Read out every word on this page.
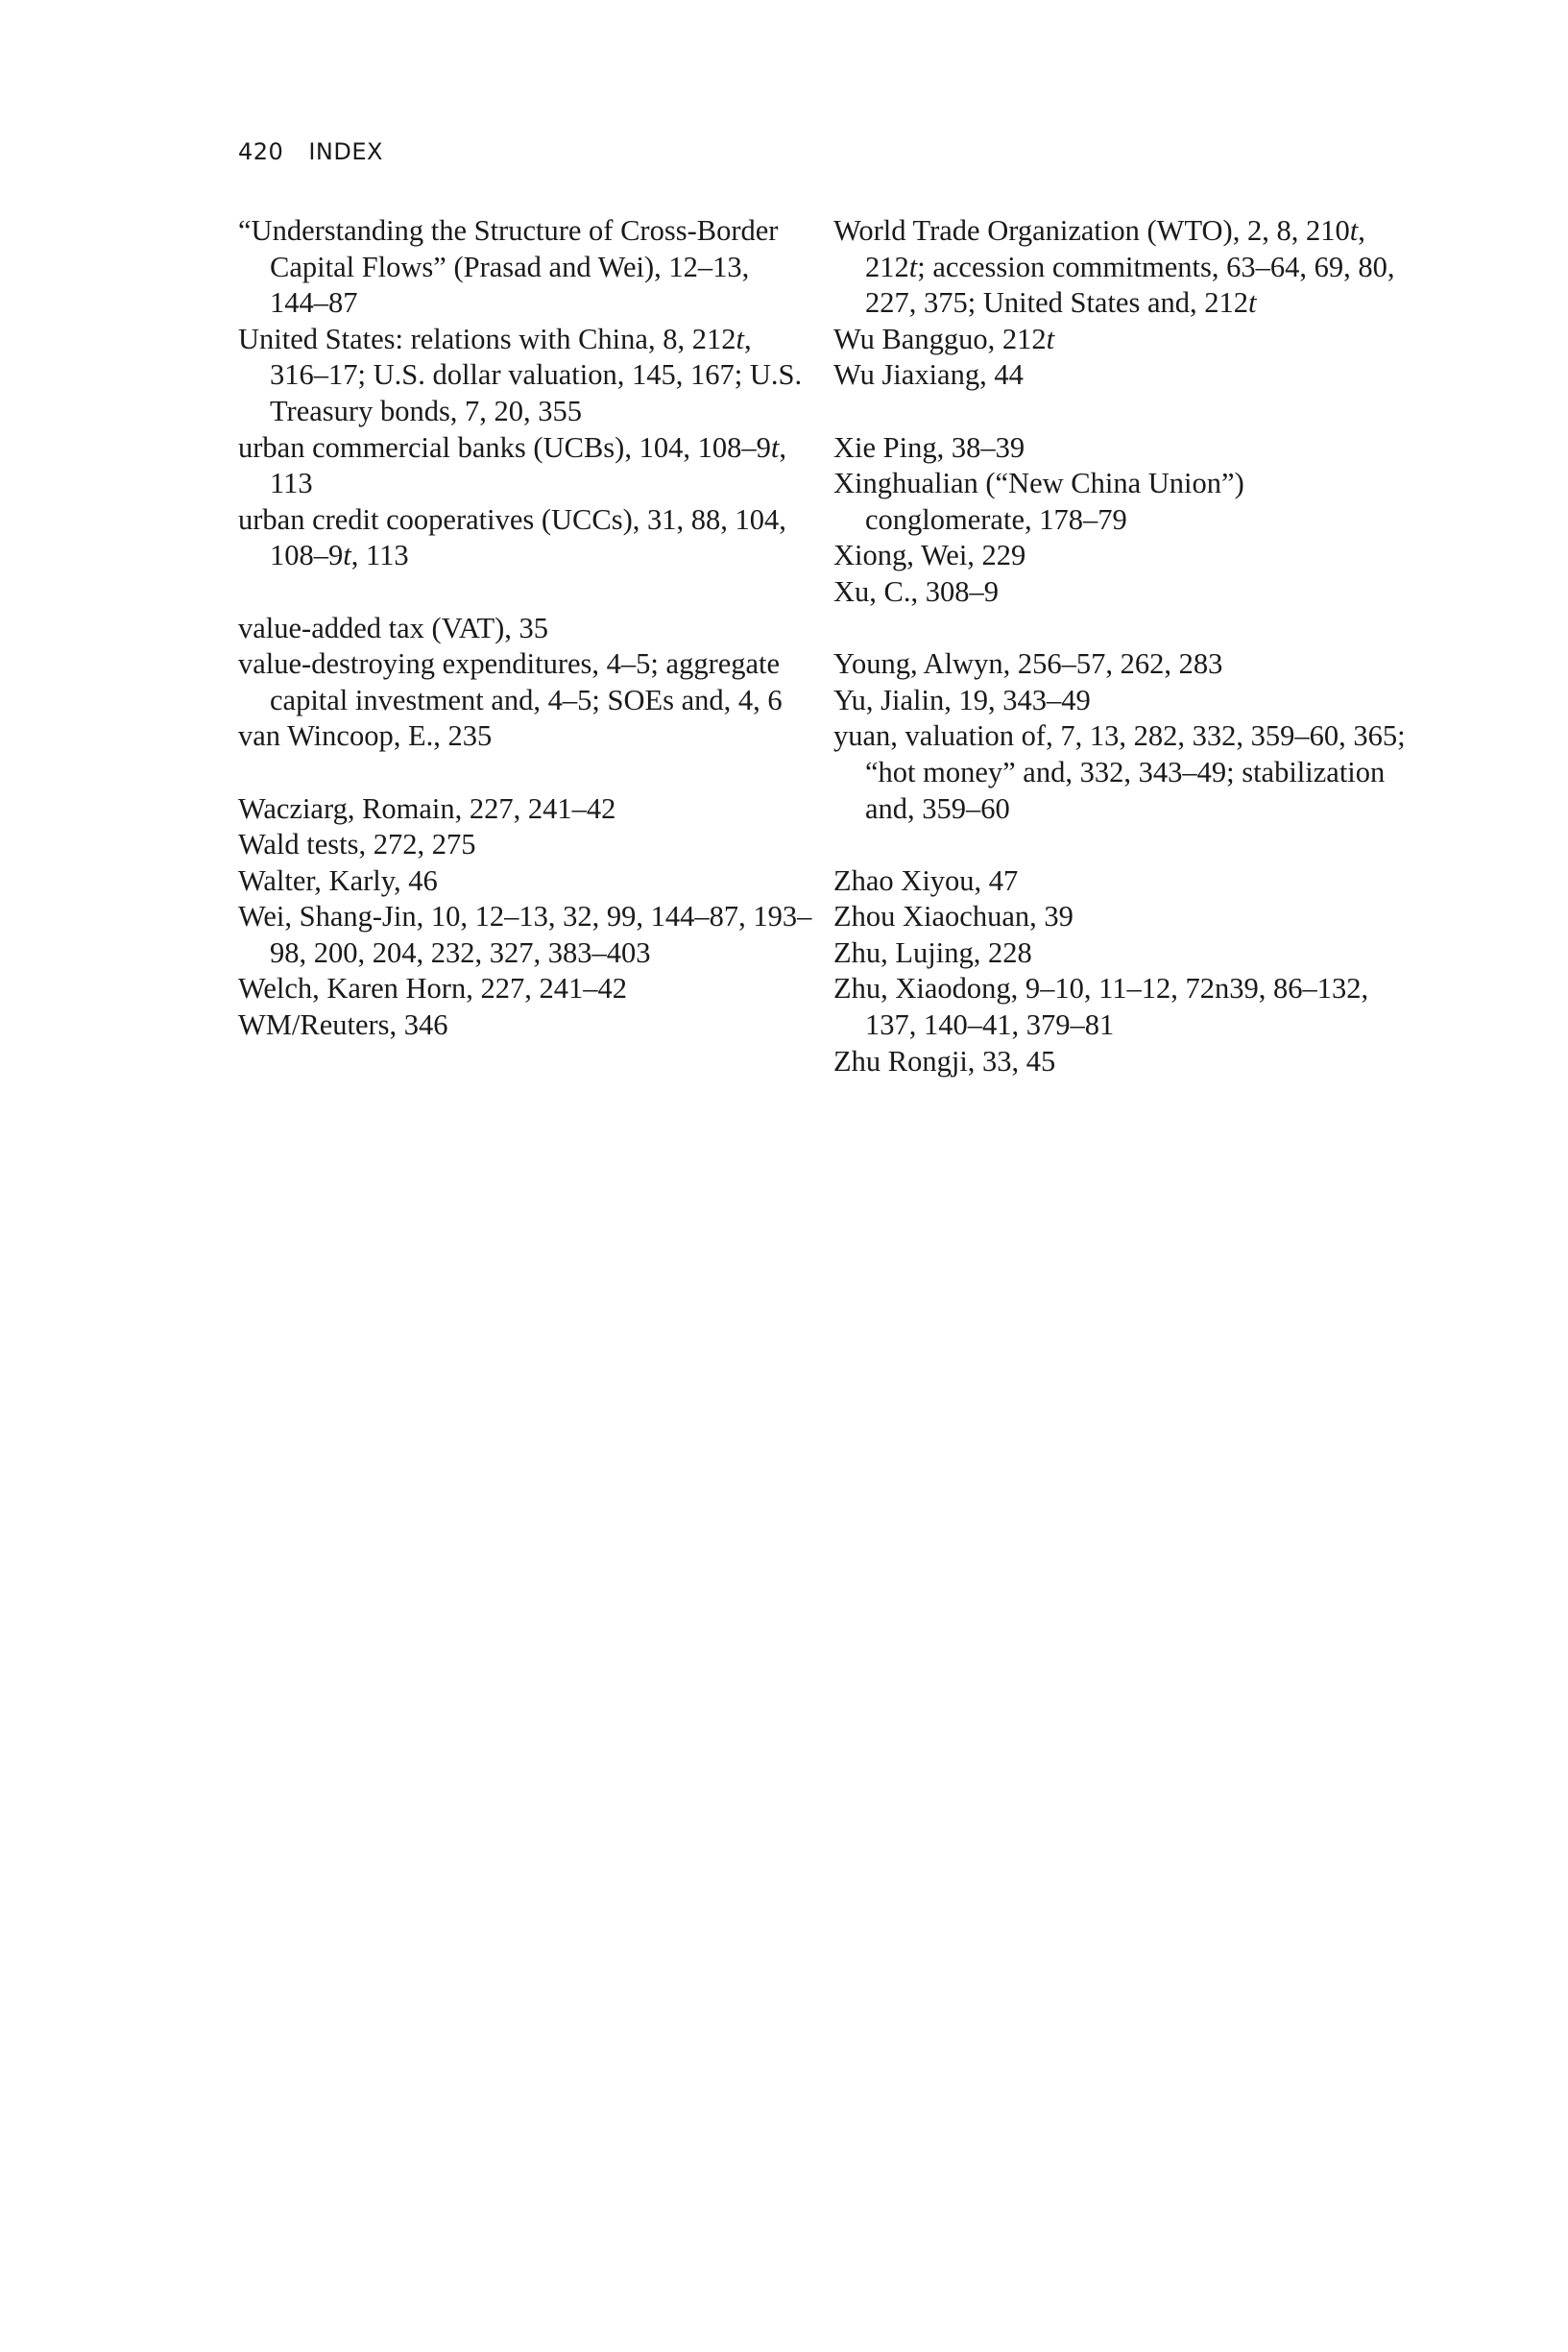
420 INDEX

“Understanding the Structure of Cross-Border Capital Flows” (Prasad and Wei), 12–13, 144–87

United States: relations with China, 8, 212t, 316–17; U.S. dollar valuation, 145, 167; U.S. Treasury bonds, 7, 20, 355

urban commercial banks (UCBs), 104, 108–9t, 113

urban credit cooperatives (UCCs), 31, 88, 104, 108–9t, 113

value-added tax (VAT), 35

value-destroying expenditures, 4–5; aggregate capital investment and, 4–5; SOEs and, 4, 6

van Wincoop, E., 235

Wacziarg, Romain, 227, 241–42

Wald tests, 272, 275

Walter, Karly, 46

Wei, Shang-Jin, 10, 12–13, 32, 99, 144–87, 193–98, 200, 204, 232, 327, 383–403

Welch, Karen Horn, 227, 241–42

WM/Reuters, 346

World Trade Organization (WTO), 2, 8, 210t, 212t; accession commitments, 63–64, 69, 80, 227, 375; United States and, 212t

Wu Bangguo, 212t

Wu Jiaxiang, 44

Xie Ping, 38–39

Xinghualian (“New China Union”) conglomerate, 178–79

Xiong, Wei, 229

Xu, C., 308–9

Young, Alwyn, 256–57, 262, 283

Yu, Jialin, 19, 343–49

yuan, valuation of, 7, 13, 282, 332, 359–60, 365; “hot money” and, 332, 343–49; stabilization and, 359–60

Zhao Xiyou, 47

Zhou Xiaochuan, 39

Zhu, Lujing, 228

Zhu, Xiaodong, 9–10, 11–12, 72n39, 86–132, 137, 140–41, 379–81

Zhu Rongji, 33, 45
